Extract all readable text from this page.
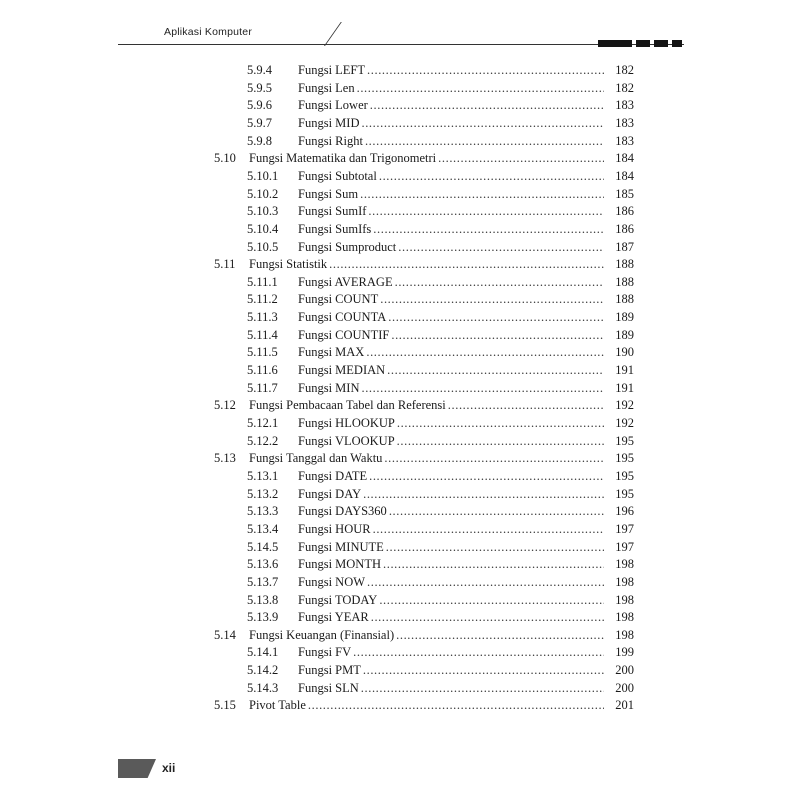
Aplikasi Komputer
5.9.4 Fungsi LEFT .....	182
5.9.5 Fungsi Len .....	182
5.9.6 Fungsi Lower .....	183
5.9.7 Fungsi MID .....	183
5.9.8 Fungsi Right .....	183
5.10 Fungsi Matematika dan Trigonometri .....	184
5.10.1 Fungsi Subtotal .....	184
5.10.2 Fungsi Sum .....	185
5.10.3 Fungsi SumIf .....	186
5.10.4 Fungsi SumIfs .....	186
5.10.5 Fungsi Sumproduct .....	187
5.11 Fungsi Statistik .....	188
5.11.1 Fungsi AVERAGE .....	188
5.11.2 Fungsi COUNT .....	188
5.11.3 Fungsi COUNTA .....	189
5.11.4 Fungsi COUNTIF .....	189
5.11.5 Fungsi MAX .....	190
5.11.6 Fungsi MEDIAN .....	191
5.11.7 Fungsi MIN .....	191
5.12 Fungsi Pembacaan Tabel dan Referensi .....	192
5.12.1 Fungsi HLOOKUP .....	192
5.12.2 Fungsi VLOOKUP .....	195
5.13 Fungsi Tanggal dan Waktu .....	195
5.13.1 Fungsi DATE .....	195
5.13.2 Fungsi DAY .....	195
5.13.3 Fungsi DAYS360 .....	196
5.13.4 Fungsi HOUR .....	197
5.14.5 Fungsi MINUTE .....	197
5.13.6 Fungsi MONTH .....	198
5.13.7 Fungsi NOW .....	198
5.13.8 Fungsi TODAY .....	198
5.13.9 Fungsi YEAR .....	198
5.14 Fungsi Keuangan (Finansial) .....	198
5.14.1 Fungsi FV .....	199
5.14.2 Fungsi PMT .....	200
5.14.3 Fungsi SLN .....	200
5.15 Pivot Table .....	201
xii
